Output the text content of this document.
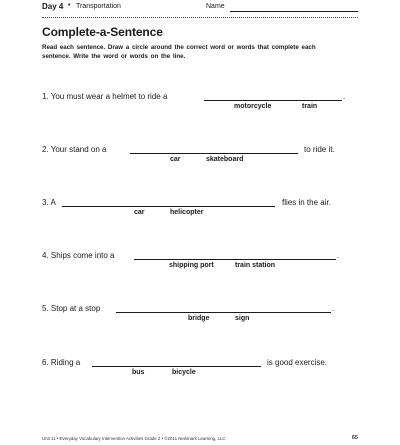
Day 4 • Transportation	Name
Complete-a-Sentence
Read each sentence. Draw a circle around the correct word or words that complete each sentence. Write the word or words on the line.
1. You must wear a helmet to ride a	.
motorcycle	train
2. Your stand on a	to ride it.
car	skateboard
3. A	flies in the air.
car	helicopter
4. Ships come into a	.
shipping port	train station
5. Stop at a stop	.
bridge	sign
6. Riding a	is good exercise.
bus	bicycle
Unit 11 • Everyday Vocabulary Intervention Activities Grade 2 • ©2011 Newmark Learning, LLC	65
